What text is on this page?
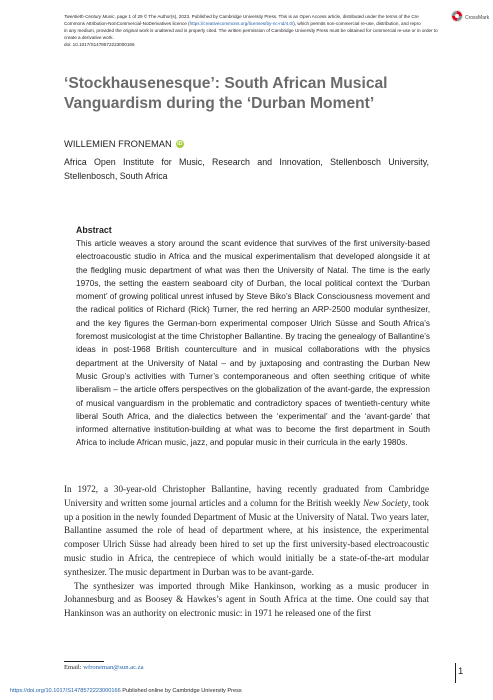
Twentieth-Century Music, page 1 of 29 © The Author(s), 2023. Published by Cambridge University Press. This is an Open Access article, distributed under the terms of the Cre
Commons Attribution-NonCommercial-NoDerivatives licence (https://creativecommons.org/licenses/by-nc-nd/4.0/), which permits non-commercial re-use, distribution, and repro
in any medium, provided the original work is unaltered and is properly cited. The written permission of Cambridge University Press must be obtained for commercial re-use or in order to
create a derivative work.
doi: 10.1017/S1478572223000166
CrossMark
‘Stockhausenesque’: South African Musical Vanguardism during the ‘Durban Moment’
WILLEMIEN FRONEMAN iD
Africa Open Institute for Music, Research and Innovation, Stellenbosch University, Stellenbosch, South Africa
Abstract
This article weaves a story around the scant evidence that survives of the first university-based electroacoustic studio in Africa and the musical experimentalism that developed alongside it at the fledgling music department of what was then the University of Natal. The time is the early 1970s, the setting the eastern seaboard city of Durban, the local political context the ‘Durban moment’ of growing political unrest infused by Steve Biko’s Black Consciousness movement and the radical politics of Richard (Rick) Turner, the red herring an ARP-2500 modular synthesizer, and the key figures the German-born experimental composer Ulrich Süsse and South Africa’s foremost musicologist at the time Christopher Ballantine. By tracing the genealogy of Ballantine’s ideas in post-1968 British counterculture and in musical collaborations with the physics department at the University of Natal – and by juxtaposing and contrasting the Durban New Music Group’s activities with Turner’s contemporaneous and often seething critique of white liberalism – the article offers perspectives on the globalization of the avant-garde, the expression of musical vanguardism in the problematic and contradictory spaces of twentieth-century white liberal South Africa, and the dialectics between the ‘experimental’ and the ‘avant-garde’ that informed alternative institution-building at what was to become the first department in South Africa to include African music, jazz, and popular music in their curricula in the early 1980s.

In 1972, a 30-year-old Christopher Ballantine, having recently graduated from Cambridge University and written some journal articles and a column for the British weekly New Society, took up a position in the newly founded Department of Music at the University of Natal. Two years later, Ballantine assumed the role of head of department where, at his insistence, the experimental composer Ulrich Süsse had already been hired to set up the first university-based electroacoustic music studio in Africa, the centrepiece of which would initially be a state-of-the-art modular synthesizer. The music department in Durban was to be avant-garde.

The synthesizer was imported through Mike Hankinson, working as a music producer in Johannesburg and as Boosey & Hawkes’s agent in South Africa at the time. One could say that Hankinson was an authority on electronic music: in 1971 he released one of the first

Email: wfroneman@sun.ac.za	1
https://doi.org/10.1017/S1478572223000166 Published online by Cambridge University Press
